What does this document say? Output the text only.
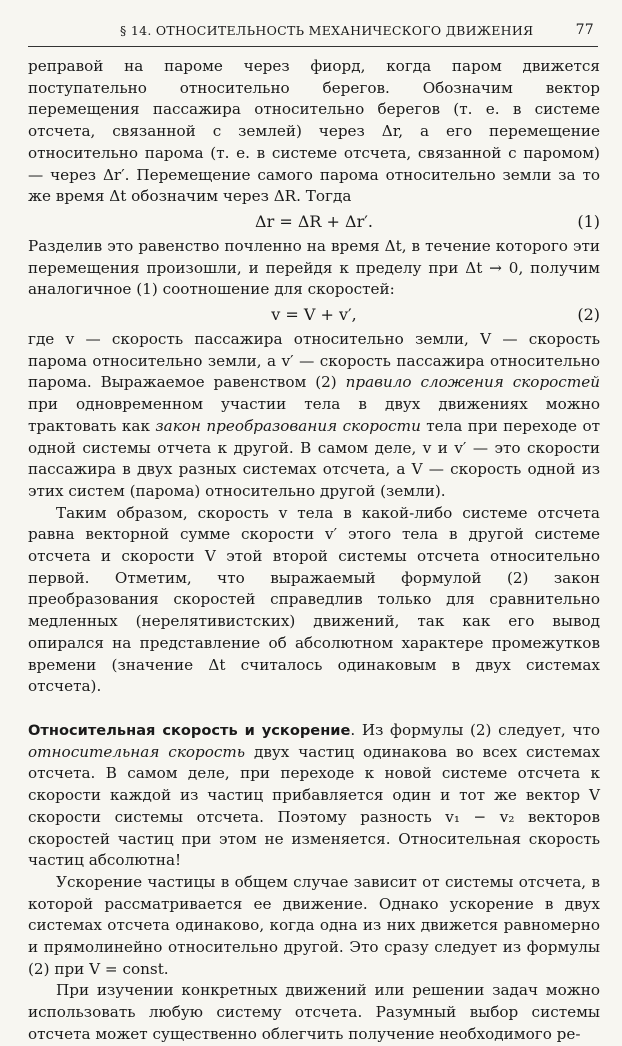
§ 14. ОТНОСИТЕЛЬНОСТЬ МЕХАНИЧЕСКОГО ДВИЖЕНИЯ	77

реправой на пароме через фиорд, когда паром движется поступательно относительно берегов. Обозначим вектор перемещения пассажира относительно берегов (т. е. в системе отсчета, связанной с землей) через Δr, а его перемещение относительно парома (т. е. в системе отсчета, связанной с паромом) — через Δr′. Перемещение самого парома относительно земли за то же время Δt обозначим через ΔR. Тогда

Δr = ΔR + Δr′.	(1)

Разделив это равенство почленно на время Δt, в течение которого эти перемещения произошли, и перейдя к пределу при Δt → 0, получим аналогичное (1) соотношение для скоростей:

v = V + v′,	(2)

где v — скорость пассажира относительно земли, V — скорость парома относительно земли, а v′ — скорость пассажира относительно парома. Выражаемое равенством (2) правило сложения скоростей при одновременном участии тела в двух движениях можно трактовать как закон преобразования скорости тела при переходе от одной системы отчета к другой. В самом деле, v и v′ — это скорости пассажира в двух разных системах отсчета, а V — скорость одной из этих систем (парома) относительно другой (земли).

Таким образом, скорость v тела в какой-либо системе отсчета равна векторной сумме скорости v′ этого тела в другой системе отсчета и скорости V этой второй системы отсчета относительно первой. Отметим, что выражаемый формулой (2) закон преобразования скоростей справедлив только для сравнительно медленных (нерелятивистских) движений, так как его вывод опирался на представление об абсолютном характере промежутков времени (значение Δt считалось одинаковым в двух системах отсчета).

Относительная скорость и ускорение. Из формулы (2) следует, что относительная скорость двух частиц одинакова во всех системах отсчета. В самом деле, при переходе к новой системе отсчета к скорости каждой из частиц прибавляется один и тот же вектор V скорости системы отсчета. Поэтому разность v₁ − v₂ векторов скоростей частиц при этом не изменяется. Относительная скорость частиц абсолютна!

Ускорение частицы в общем случае зависит от системы отсчета, в которой рассматривается ее движение. Однако ускорение в двух системах отсчета одинаково, когда одна из них движется равномерно и прямолинейно относительно другой. Это сразу следует из формулы (2) при V = const.

При изучении конкретных движений или решении задач можно использовать любую систему отсчета. Разумный выбор системы отсчета может существенно облегчить получение необходимого ре-
